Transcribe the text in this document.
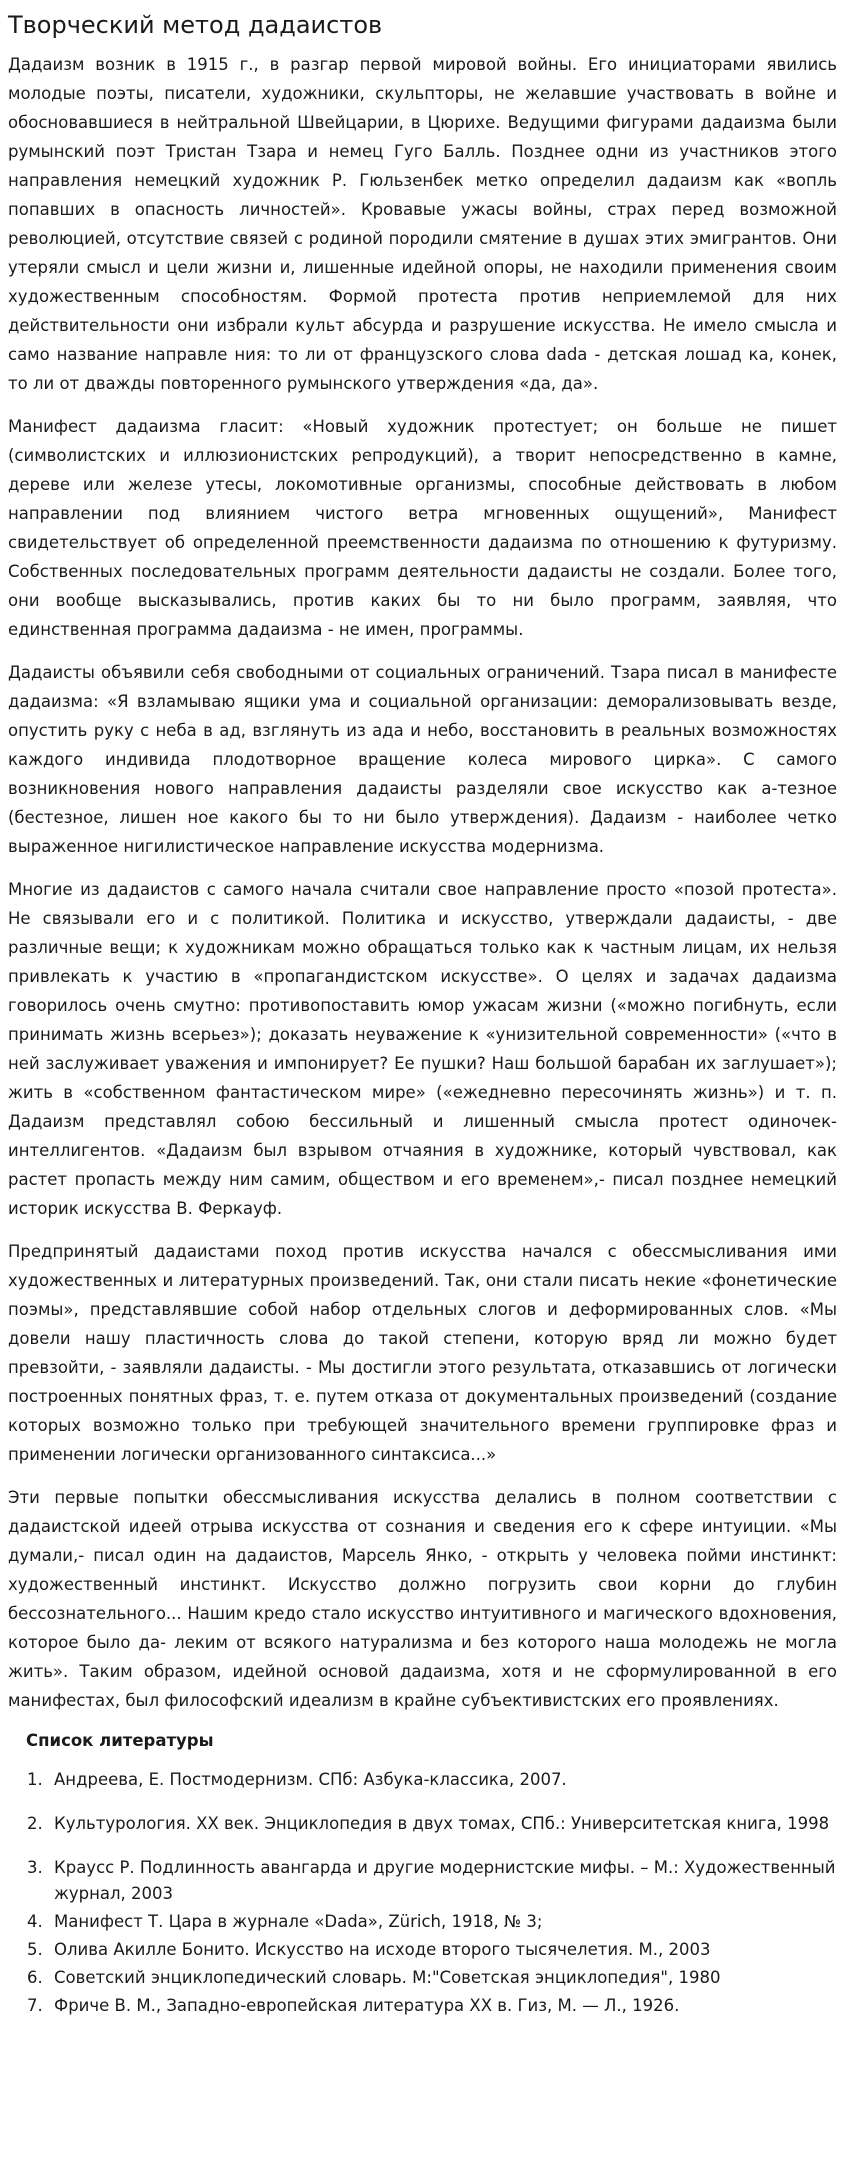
Творческий метод дадаистов

Дадаизм возник в 1915 г., в разгар первой мировой войны. Его инициаторами явились молодые поэты, писатели, художники, скульпторы, не желавшие участвовать в войне и обосновавшиеся в нейтральной Швейцарии, в Цюрихе. Ведущими фигурами дадаизма были румынский поэт Тристан Тзара и немец Гуго Балль. Позднее одни из участников этого направления немецкий художник Р. Гюльзенбек метко определил дадаизм как «вопль попавших в опасность личностей». Кровавые ужасы войны, страх перед возможной революцией, отсутствие связей с родиной породили смятение в душах этих эмигрантов. Они утеряли смысл и цели жизни и, лишенные идейной опоры, не находили применения своим художественным способностям. Формой протеста против неприемлемой для них действительности они избрали культ абсурда и разрушение искусства. Не имело смысла и само название направле ния: то ли от французского слова dada - детская лошад ка, конек, то ли от дважды повторенного румынского утверждения «да, да».

Манифест дадаизма гласит: «Новый художник протестует; он больше не пишет (символистских и иллюзионистских репродукций), а творит непосредственно в камне, дереве или железе утесы, локомотивные организмы, способные действовать в любом направлении под влиянием чистого ветра мгновенных ощущений», Манифест свидетельствует об определенной преемственности дадаизма по отношению к футуризму. Собственных последовательных программ деятельности дадаисты не создали. Более того, они вообще высказывались, против каких бы то ни было программ, заявляя, что единственная программа дадаизма - не имен, программы.

Дадаисты объявили себя свободными от социальных ограничений. Тзара писал в манифесте дадаизма: «Я взламываю ящики ума и социальной организации: деморализовывать везде, опустить руку с неба в ад, взглянуть из ада и небо, восстановить в реальных возможностях каждого индивида плодотворное вращение колеса мирового цирка». С самого возникновения нового направления дадаисты разделяли свое искусство как а-тезное (бестезное, лишен ное какого бы то ни было утверждения). Дадаизм - наиболее четко выраженное нигилистическое направление искусства модернизма.

Многие из дадаистов с самого начала считали свое направление просто «позой протеста». Не связывали его и с политикой. Политика и искусство, утверждали дадаисты, - две различные вещи; к художникам можно обращаться только как к частным лицам, их нельзя привлекать к участию в «пропагандистском искусстве». О целях и задачах дадаизма говорилось очень смутно: противопоставить юмор ужасам жизни («можно погибнуть, если принимать жизнь всерьез»); доказать неуважение к «унизительной современности» («что в ней заслуживает уважения и импонирует? Ее пушки? Наш большой барабан их заглушает»); жить в «собственном фантастическом мире» («ежедневно пересочинять жизнь») и т. п. Дадаизм представлял собою бессильный и лишенный смысла протест одиночек-интеллигентов. «Дадаизм был взрывом отчаяния в художнике, который чувствовал, как растет пропасть между ним самим, обществом и его временем»,- писал позднее немецкий историк искусства В. Феркауф.

Предпринятый дадаистами поход против искусства начался с обессмысливания ими художественных и литературных произведений. Так, они стали писать некие «фонетические поэмы», представлявшие собой набор отдельных слогов и деформированных слов. «Мы довели нашу пластичность слова до такой степени, которую вряд ли можно будет превзойти, - заявляли дадаисты. - Мы достигли этого результата, отказавшись от логически построенных понятных фраз, т. е. путем отказа от документальных произведений (создание которых возможно только при требующей значительного времени группировке фраз и применении логически организованного синтаксиса...»

Эти первые попытки обессмысливания искусства делались в полном соответствии с дадаистской идеей отрыва искусства от сознания и сведения его к сфере интуиции. «Мы думали,- писал один на дадаистов, Марсель Янко, - открыть у человека пойми инстинкт: художественный инстинкт. Искусство должно погрузить свои корни до глубин бессознательного... Нашим кредо стало искусство интуитивного и магического вдохновения, которое было да- леким от всякого натурализма и без которого наша молодежь не могла жить». Таким образом, идейной основой дадаизма, хотя и не сформулированной в его манифестах, был философский идеализм в крайне субъективистских его проявлениях.

Список литературы
1. Андреева, Е. Постмодернизм. СПб: Азбука-классика, 2007.
2. Культурология. XX век. Энциклопедия в двух томах, СПб.: Университетская книга, 1998
3. Краусс Р. Подлинность авангарда и другие модернистские мифы. – М.: Художественный журнал, 2003
4. Манифест Т. Цара в журнале «Dada», Zürich, 1918, № 3;
5. Олива Акилле Бонито. Искусство на исходе второго тысячелетия. М., 2003
6. Советский энциклопедический словарь. М:"Советская энциклопедия", 1980
7. Фриче В. М., Западно-европейская литература XX в. Гиз, М. — Л., 1926.
